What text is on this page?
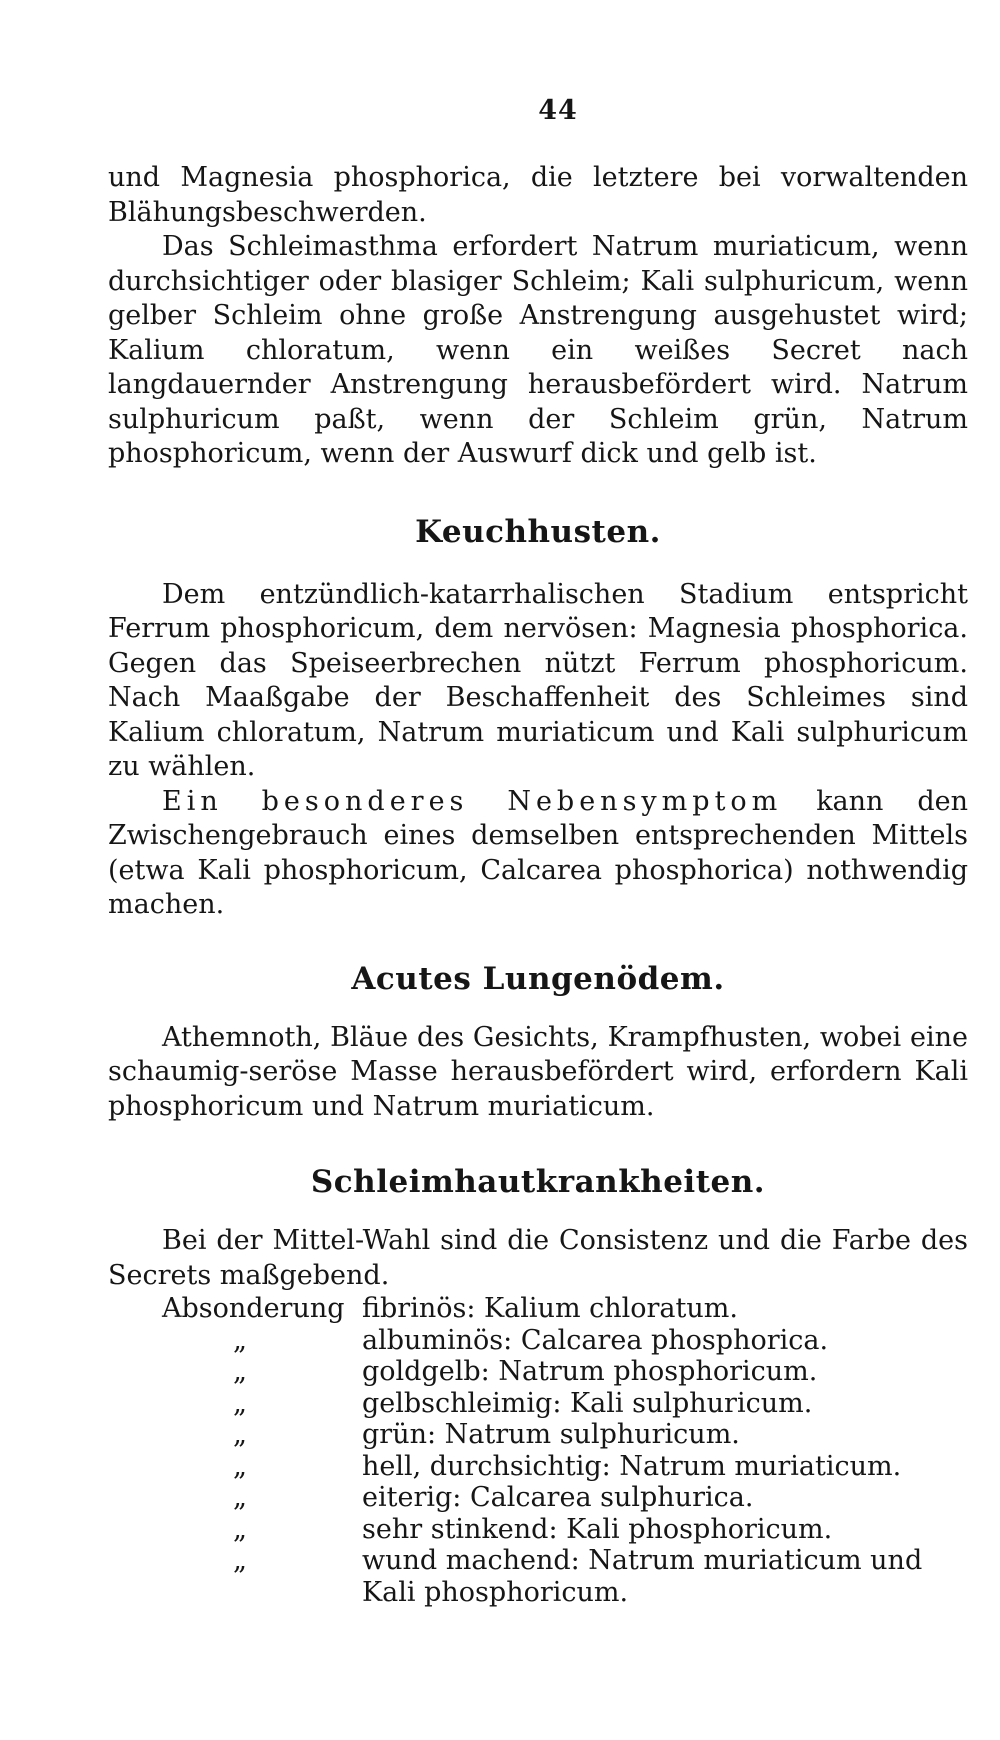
44

und Magnesia phosphorica, die letztere bei vorwaltenden Blähungsbeschwerden.

Das Schleimasthma erfordert Natrum muriaticum, wenn durchsichtiger oder blasiger Schleim; Kali sulphuricum, wenn gelber Schleim ohne große Anstrengung ausgehustet wird; Kalium chloratum, wenn ein weißes Secret nach langdauernder Anstrengung herausbefördert wird. Natrum sulphuricum paßt, wenn der Schleim grün, Natrum phosphoricum, wenn der Auswurf dick und gelb ist.

Keuchhusten.

Dem entzündlich-katarrhalischen Stadium entspricht Ferrum phosphoricum, dem nervösen: Magnesia phosphorica. Gegen das Speiseerbrechen nützt Ferrum phosphoricum. Nach Maaßgabe der Beschaffenheit des Schleimes sind Kalium chloratum, Natrum muriaticum und Kali sulphuricum zu wählen.

Ein besonderes Nebensymptom kann den Zwischengebrauch eines demselben entsprechenden Mittels (etwa Kali phosphoricum, Calcarea phosphorica) nothwendig machen.

Acutes Lungenödem.

Athemnoth, Bläue des Gesichts, Krampfhusten, wobei eine schaumig-seröse Masse herausbefördert wird, erfordern Kali phosphoricum und Natrum muriaticum.

Schleimhautkrankheiten.

Bei der Mittel-Wahl sind die Consistenz und die Farbe des Secrets maßgebend.

Absonderung fibrinös: Kalium chloratum.
„	albuminös: Calcarea phosphorica.
„	goldgelb: Natrum phosphoricum.
„	gelbschleimig: Kali sulphuricum.
„	grün: Natrum sulphuricum.
„	hell, durchsichtig: Natrum muriaticum.
„	eiterig: Calcarea sulphurica.
„	sehr stinkend: Kali phosphoricum.
„	wund machend: Natrum muriaticum und
Kali phosphoricum.
